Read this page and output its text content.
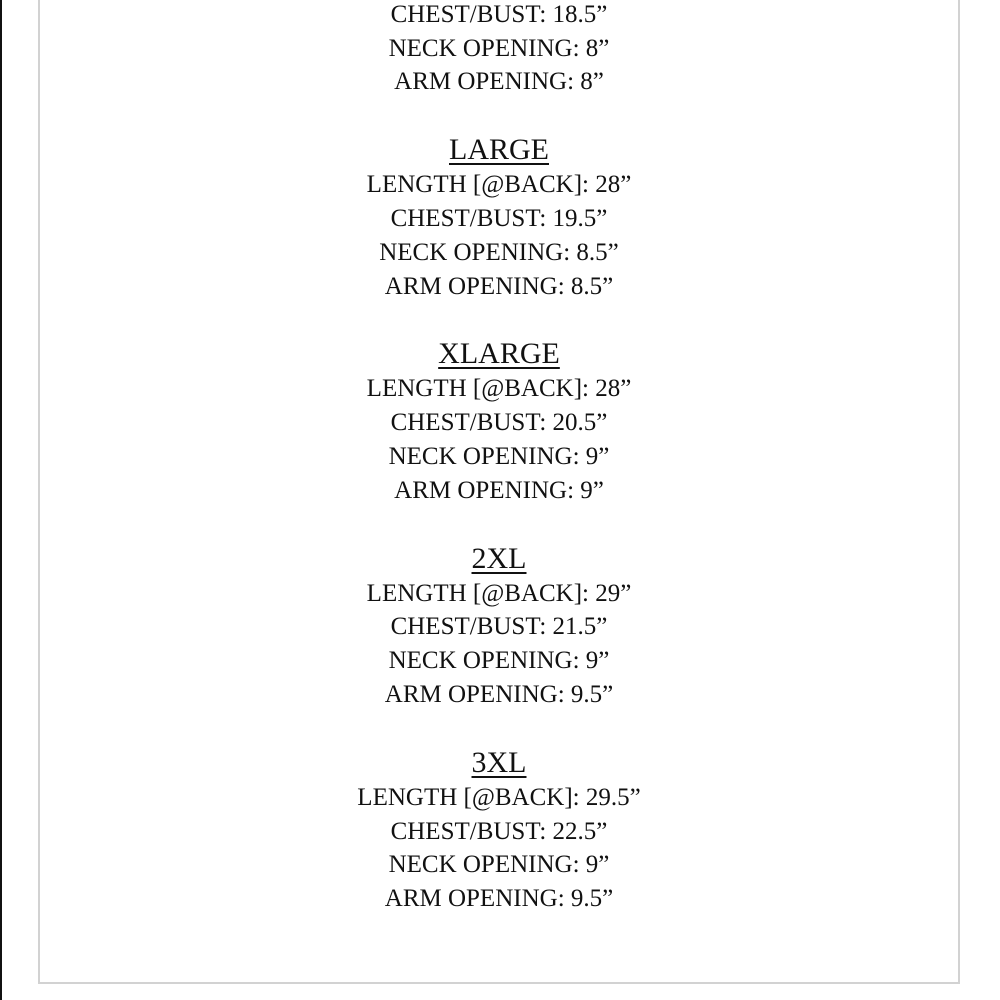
CHEST/BUST: 18.5”

NECK OPENING: 8”

ARM OPENING: 8”

LARGE

LENGTH [@BACK]: 28”

CHEST/BUST: 19.5”

NECK OPENING: 8.5”

ARM OPENING: 8.5”

XLARGE

LENGTH [@BACK]: 28”

CHEST/BUST: 20.5”

NECK OPENING: 9”

ARM OPENING: 9”

2XL

LENGTH [@BACK]: 29”

CHEST/BUST: 21.5”

NECK OPENING: 9”

ARM OPENING: 9.5”

3XL

LENGTH [@BACK]: 29.5”

CHEST/BUST: 22.5”

NECK OPENING: 9”

ARM OPENING: 9.5”
